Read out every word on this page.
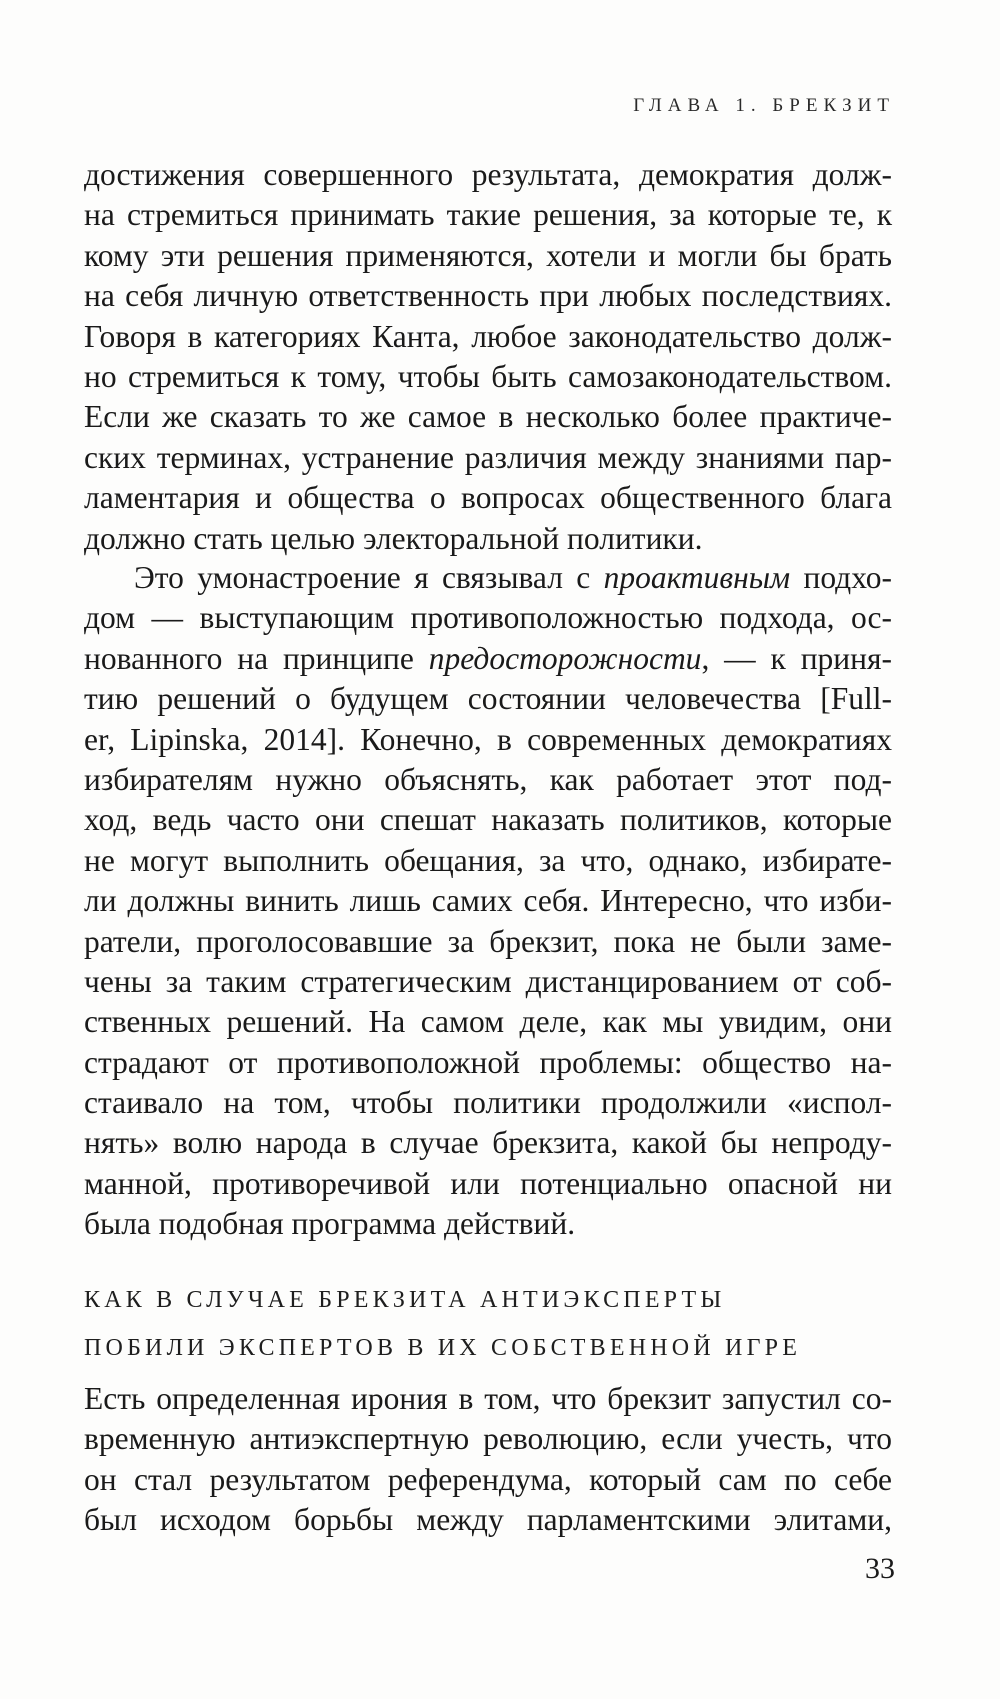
ГЛАВА 1. БРЕКЗИТ
достижения совершенного результата, демократия долж-
на стремиться принимать такие решения, за которые те, к
кому эти решения применяются, хотели и могли бы брать
на себя личную ответственность при любых последствиях.
Говоря в категориях Канта, любое законодательство долж-
но стремиться к тому, чтобы быть самозаконодательством.
Если же сказать то же самое в несколько более практиче-
ских терминах, устранение различия между знаниями пар-
ламентария и общества о вопросах общественного блага
должно стать целью электоральной политики.
Это умонастроение я связывал с проактивным подхо-
дом — выступающим противоположностью подхода, ос-
нованного на принципе предосторожности, — к приня-
тию решений о будущем состоянии человечества [Full-
er, Lipinska, 2014]. Конечно, в современных демократиях
избирателям нужно объяснять, как работает этот под-
ход, ведь часто они спешат наказать политиков, которые
не могут выполнить обещания, за что, однако, избирате-
ли должны винить лишь самих себя. Интересно, что изби-
ратели, проголосовавшие за брекзит, пока не были заме-
чены за таким стратегическим дистанцированием от соб-
ственных решений. На самом деле, как мы увидим, они
страдают от противоположной проблемы: общество на-
стаивало на том, чтобы политики продолжили «испол-
нять» волю народа в случае брекзита, какой бы непроду-
манной, противоречивой или потенциально опасной ни
была подобная программа действий.
КАК В СЛУЧАЕ БРЕКЗИТА АНТИЭКСПЕРТЫ
ПОБИЛИ ЭКСПЕРТОВ В ИХ СОБСТВЕННОЙ ИГРЕ
Есть определенная ирония в том, что брекзит запустил со-
временную антиэкспертную революцию, если учесть, что
он стал результатом референдума, который сам по себе
был исходом борьбы между парламентскими элитами,
33
